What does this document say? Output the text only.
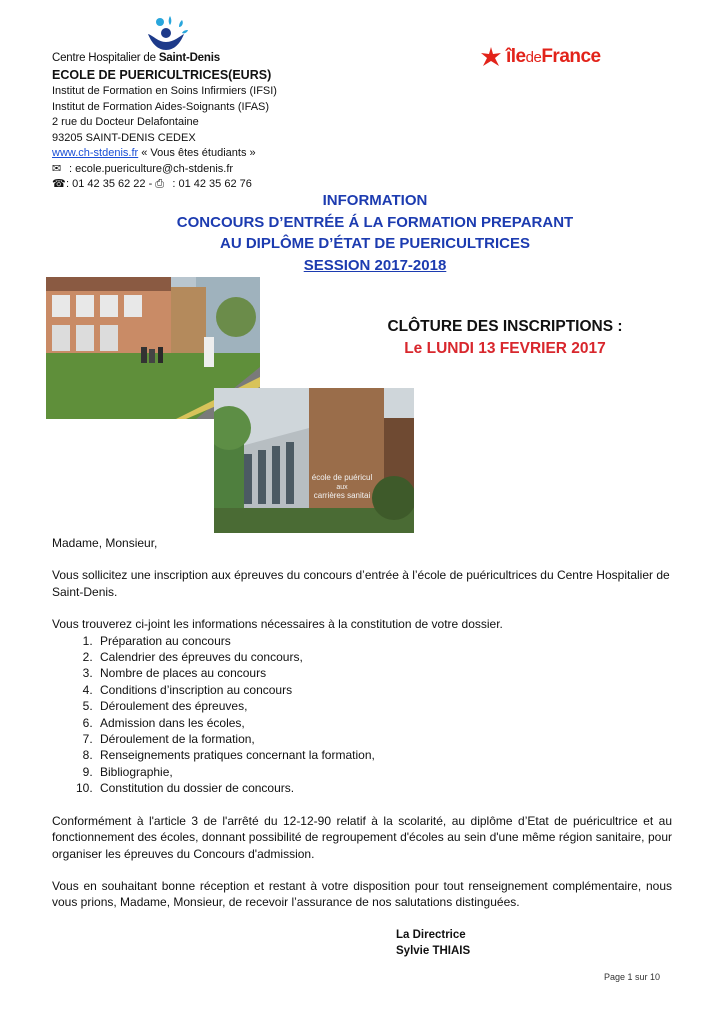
Centre Hospitalier de Saint-Denis	îledeFrance
ECOLE DE PUERICULTRICES(EURS)
Institut de Formation en Soins Infirmiers (IFSI)
Institut de Formation Aides-Soignants (IFAS)
2 rue du Docteur Delafontaine
93205 SAINT-DENIS CEDEX
www.ch-stdenis.fr « Vous êtes étudiants »
✉ : ecole.puericulture@ch-stdenis.fr
☎: 01 42 35 62 22 - ⎙ : 01 42 35 62 76
INFORMATION
CONCOURS D’ENTRÉE Á LA FORMATION PREPARANT
AU DIPLÔME D’ÉTAT DE PUERICULTRICES
SESSION 2017-2018
école de puéricul
aux
carrières sanitai
CLÔTURE DES INSCRIPTIONS :
Le LUNDI 13 FEVRIER 2017

Madame, Monsieur,

Vous sollicitez une inscription aux épreuves du concours d’entrée à l’école de puéricultrices du Centre Hospitalier de Saint-Denis.

Vous trouverez ci-joint les informations nécessaires à la constitution de votre dossier.

1. Préparation au concours
2. Calendrier des épreuves du concours,
3. Nombre de places au concours
4. Conditions d’inscription au concours
5. Déroulement des épreuves,
6. Admission dans les écoles,
7. Déroulement de la formation,
8. Renseignements pratiques concernant la formation,
9. Bibliographie,
10. Constitution du dossier de concours.

Conformément à l'article 3 de l'arrêté du 12-12-90 relatif à la scolarité, au diplôme d’Etat de puéricultrice et au fonctionnement des écoles, donnant possibilité de regroupement d'écoles au sein d'une même région sanitaire, pour organiser les épreuves du Concours d'admission.

Vous en souhaitant bonne réception et restant à votre disposition pour tout renseignement complémentaire, nous vous prions, Madame, Monsieur, de recevoir l’assurance de nos salutations distinguées.

La Directrice
Sylvie THIAIS
Page 1 sur 10
